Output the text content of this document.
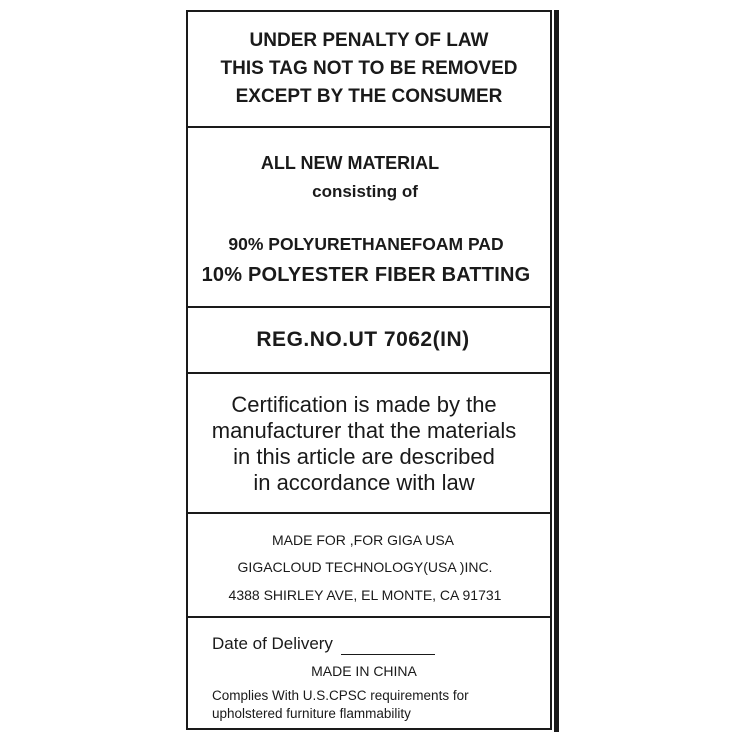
UNDER PENALTY OF LAW
THIS TAG NOT TO BE REMOVED
EXCEPT BY THE CONSUMER
ALL NEW MATERIAL
consisting of
90% POLYURETHANEFOAM PAD
10% POLYESTER FIBER BATTING
REG.NO.UT 7062(IN)
Certification is made by the
manufacturer that the materials
in this article are described
in accordance with law
MADE FOR ,FOR GIGA USA
GIGACLOUD TECHNOLOGY(USA )INC.
4388 SHIRLEY AVE, EL MONTE, CA 91731
Date of Delivery
MADE IN CHINA
Complies With U.S.CPSC requirements for
upholstered furniture flammability
